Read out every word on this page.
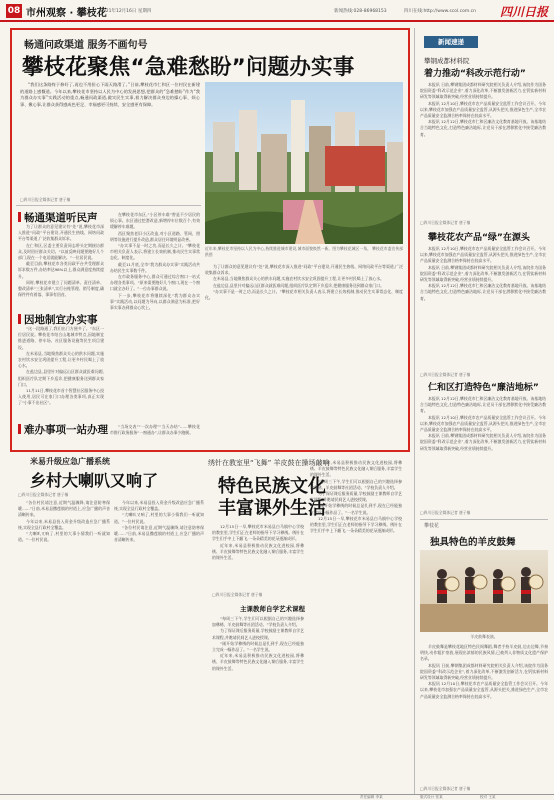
08 市州观察 · 攀枝花
2021年12月16日 星期四	新闻热线:028-86968153	四川在线:http://www.scol.com.cn 四川日报
畅通问政渠道 服务不画句号
攀枝花聚焦“急难愁盼”问题办实事
“我们这条路终于修好了,再也不用担心下雨天路滑了。”日前,攀枝花市仁和区一位村民在新建的道路上感慨道。今年以来,攀枝花市坚持以人民为中心的发展思想,把群众的“急难愁盼”作为“我为群众办实事”实践活动的重点,畅通问政渠道,做实民生实事,着力解决群众身边的操心事、烦心事、揪心事,让群众获得感成色更足、幸福感更可持续、安全感更有保障。
□四川日报全媒体记者 唐子楠
近年来,攀枝花市坚持以人民为中心,持续推进城市建设,城市面貌焕然一新。图为攀枝花城区一角。 攀枝花市委宣传部供图
畅通渠道听民声
为了让群众的意见建议有“处”说,攀枝花市深入推进“问政”平台建设,开通民生热线、网络问政平台等渠道,广泛收集群众诉求。
在仁和区,区委主要负责同志带头定期接访群众,及时回应群众关切。“以前反映问题要跑好几个部门,现在一个电话就能解决。”一位居民说。
截至目前,攀枝花市各类问政平台共受理群众诉求数万件,办结率达98%以上,群众满意度持续提升。
同时,攀枝花市建立了问题清单、责任清单、整改清单“三张清单”,实行台账管理、销号制度,确保件件有着落、事事有回音。
因地制宜办实事
“这一段路通了,我们出门方便多了。”东区一位居民说。攀枝花市结合山地城市特点,因地制宜推进道路、停车场、社区服务设施等民生项目建设。
在米易县,当地聚焦群众关心的供水问题,实施农村饮水安全巩固提升工程,让更多村民喝上了放心水。
在盐边县,县里针对偏远山区群众就医难问题,组织医疗队定期下乡巡诊,把健康服务送到群众家门口。
11月11日,攀枝花市首个智慧社区服务中心投入使用,居民可在家门口办理各类事项,真正实现了“小事不出社区”。
难办事项一站办理	“当场交表”“一次办理”“当天办结”……攀枝花市推行政务服务“一窗通办”,让群众办事少跑腿。
在攀枝花市东区,“小区停车难”曾是不少居民的烦心事。东区通过挖潜改造,新增停车位数百个,有效缓解停车难题。
西区聚焦老旧小区改造,对小区道路、管网、照明等设施进行提升改造,群众居住环境明显改善。
“办实事不是一时之功,而是长久之计。”攀枝花市相关负责人表示,将建立长效机制,推动民生实事常态化、制度化。
截至11月底,全市“我为群众办实事”实践活动共办结民生实事数千件。
在市政务服务中心,群众可通过综合窗口一站式办理各类事项。“原来需要跑好几个窗口,现在一个窗口就全办好了。”一位办事群众说。
下一步,攀枝花市将继续深化“我为群众办实事”实践活动,以问题为导向,以群众满意为标准,把好事实事办到群众心坎上。
为了让群众的意见建议有“处”说,攀枝花市深入推进“问政”平台建设,开通民生热线、网络问政平台等渠道,广泛收集群众诉求。
在米易县,当地聚焦群众关心的供水问题,实施农村饮水安全巩固提升工程,让更多村民喝上了放心水。
在盐边县,县里针对偏远山区群众就医难问题,组织医疗队定期下乡巡诊,把健康服务送到群众家门口。
“办实事不是一时之功,而是长久之计。”攀枝花市相关负责人表示,将建立长效机制,推动民生实事常态化、制度化。
米易升级应急广播系统
乡村大喇叭又响了
□四川日报全媒体记者 唐子楠
“各位村民请注意,近期气温骤降,请注意防寒保暖……”日前,米易县撒莲镇的村道上,应急广播的声音清晰传来。
今年以来,米易县投入资金升级改造应急广播系统,实现全县行政村全覆盖。
“大喇叭又响了,村里的大事小情我们一听就知道。”一位村民说。
今年以来,米易县投入资金升级改造应急广播系统,实现全县行政村全覆盖。
“大喇叭又响了,村里的大事小情我们一听就知道。”一位村民说。
“各位村民请注意,近期气温骤降,请注意防寒保暖……”日前,米易县撒莲镇的村道上,应急广播的声音清晰传来。
绣针在教室里“飞舞” 羊皮鼓在操场敲响
特色民族文化
丰富课外生活
12月15日一早,攀枝花市米易县白马镇中心学校的教室里,学生们正在老师的指导下学习彝绣。绣针在学生们手中上下翻飞,一朵朵精美的花朵逐渐成形。
近年来,米易县积极推动民族文化进校园,将彝绣、羊皮鼓舞等特色民族文化融入课后服务,丰富学生的课外生活。
□四川日报全媒体记者 唐子楠
主课教师自学艺术课程
“每周三下午,学生们可以根据自己的兴趣选择参加彝绣、羊皮鼓舞等社团活动。”学校负责人介绍。
为了保证课后服务质量,学校鼓励主课教师自学艺术课程,并邀请民间艺人进校授课。
“刚开始学彝绣的时候总是扎到手,现在已经能独立完成一幅作品了。”一名学生说。
近年来,米易县积极推动民族文化进校园,将彝绣、羊皮鼓舞等特色民族文化融入课后服务,丰富学生的课外生活。
近年来,米易县积极推动民族文化进校园,将彝绣、羊皮鼓舞等特色民族文化融入课后服务,丰富学生的课外生活。
“每周三下午,学生们可以根据自己的兴趣选择参加彝绣、羊皮鼓舞等社团活动。”学校负责人介绍。
为了保证课后服务质量,学校鼓励主课教师自学艺术课程,并邀请民间艺人进校授课。
“刚开始学彝绣的时候总是扎到手,现在已经能独立完成一幅作品了。”一名学生说。
12月15日一早,攀枝花市米易县白马镇中心学校的教室里,学生们正在老师的指导下学习彝绣。绣针在学生们手中上下翻飞,一朵朵精美的花朵逐渐成形。
新闻速递
攀钢成都材料院
着力推动“科改示范行动”
本报讯 日前,攀钢集团成都材料研究院相关负责人介绍,该院作为国务院国资委“科改示范企业”,着力深化改革,不断激发创新活力,在钒钛新材料研发等领域取得新突破,经营业绩持续提升。
本报讯 12月10日,攀枝花市农产品质量安全监管工作会议召开。今年以来,攀枝花市加强农产品质量安全监管,从源头把关,推进绿色生产,全市农产品质量安全监测合格率保持在较高水平。
本报讯 12月12日,攀枝花市仁和区廉洁文化教育基地开放。该基地结合当地特色文化,打造特色廉洁地标,让党员干部在潜移默化中接受廉洁教育。
□四川日报全媒体记者 唐子楠
攀枝花农产品“绿”在源头
本报讯 12月10日,攀枝花市农产品质量安全监管工作会议召开。今年以来,攀枝花市加强农产品质量安全监管,从源头把关,推进绿色生产,全市农产品质量安全监测合格率保持在较高水平。
本报讯 日前,攀钢集团成都材料研究院相关负责人介绍,该院作为国务院国资委“科改示范企业”,着力深化改革,不断激发创新活力,在钒钛新材料研发等领域取得新突破,经营业绩持续提升。
本报讯 12月12日,攀枝花市仁和区廉洁文化教育基地开放。该基地结合当地特色文化,打造特色廉洁地标,让党员干部在潜移默化中接受廉洁教育。
□四川日报全媒体记者 唐子楠
仁和区打造特色“廉洁地标”
本报讯 12月12日,攀枝花市仁和区廉洁文化教育基地开放。该基地结合当地特色文化,打造特色廉洁地标,让党员干部在潜移默化中接受廉洁教育。
本报讯 12月10日,攀枝花市农产品质量安全监管工作会议召开。今年以来,攀枝花市加强农产品质量安全监管,从源头把关,推进绿色生产,全市农产品质量安全监测合格率保持在较高水平。
本报讯 日前,攀钢集团成都材料研究院相关负责人介绍,该院作为国务院国资委“科改示范企业”,着力深化改革,不断激发创新活力,在钒钛新材料研发等领域取得新突破,经营业绩持续提升。
□四川日报全媒体记者 唐子楠
攀枝花
独具特色的羊皮鼓舞
羊皮鼓舞表演。
羊皮鼓舞是攀枝花地区特色民间舞蹈,舞者手持羊皮鼓,边击边舞,节奏明快,动作粗犷豪放,展现出浓郁的民族风情,已被列入非物质文化遗产保护名录。
本报讯 日前,攀钢集团成都材料研究院相关负责人介绍,该院作为国务院国资委“科改示范企业”,着力深化改革,不断激发创新活力,在钒钛新材料研发等领域取得新突破,经营业绩持续提升。
本报讯 12月10日,攀枝花市农产品质量安全监管工作会议召开。今年以来,攀枝花市加强农产品质量安全监管,从源头把关,推进绿色生产,全市农产品质量安全监测合格率保持在较高水平。
□四川日报全媒体记者 唐子楠
责任编辑 李某	版式设计 张某	校对 王某
